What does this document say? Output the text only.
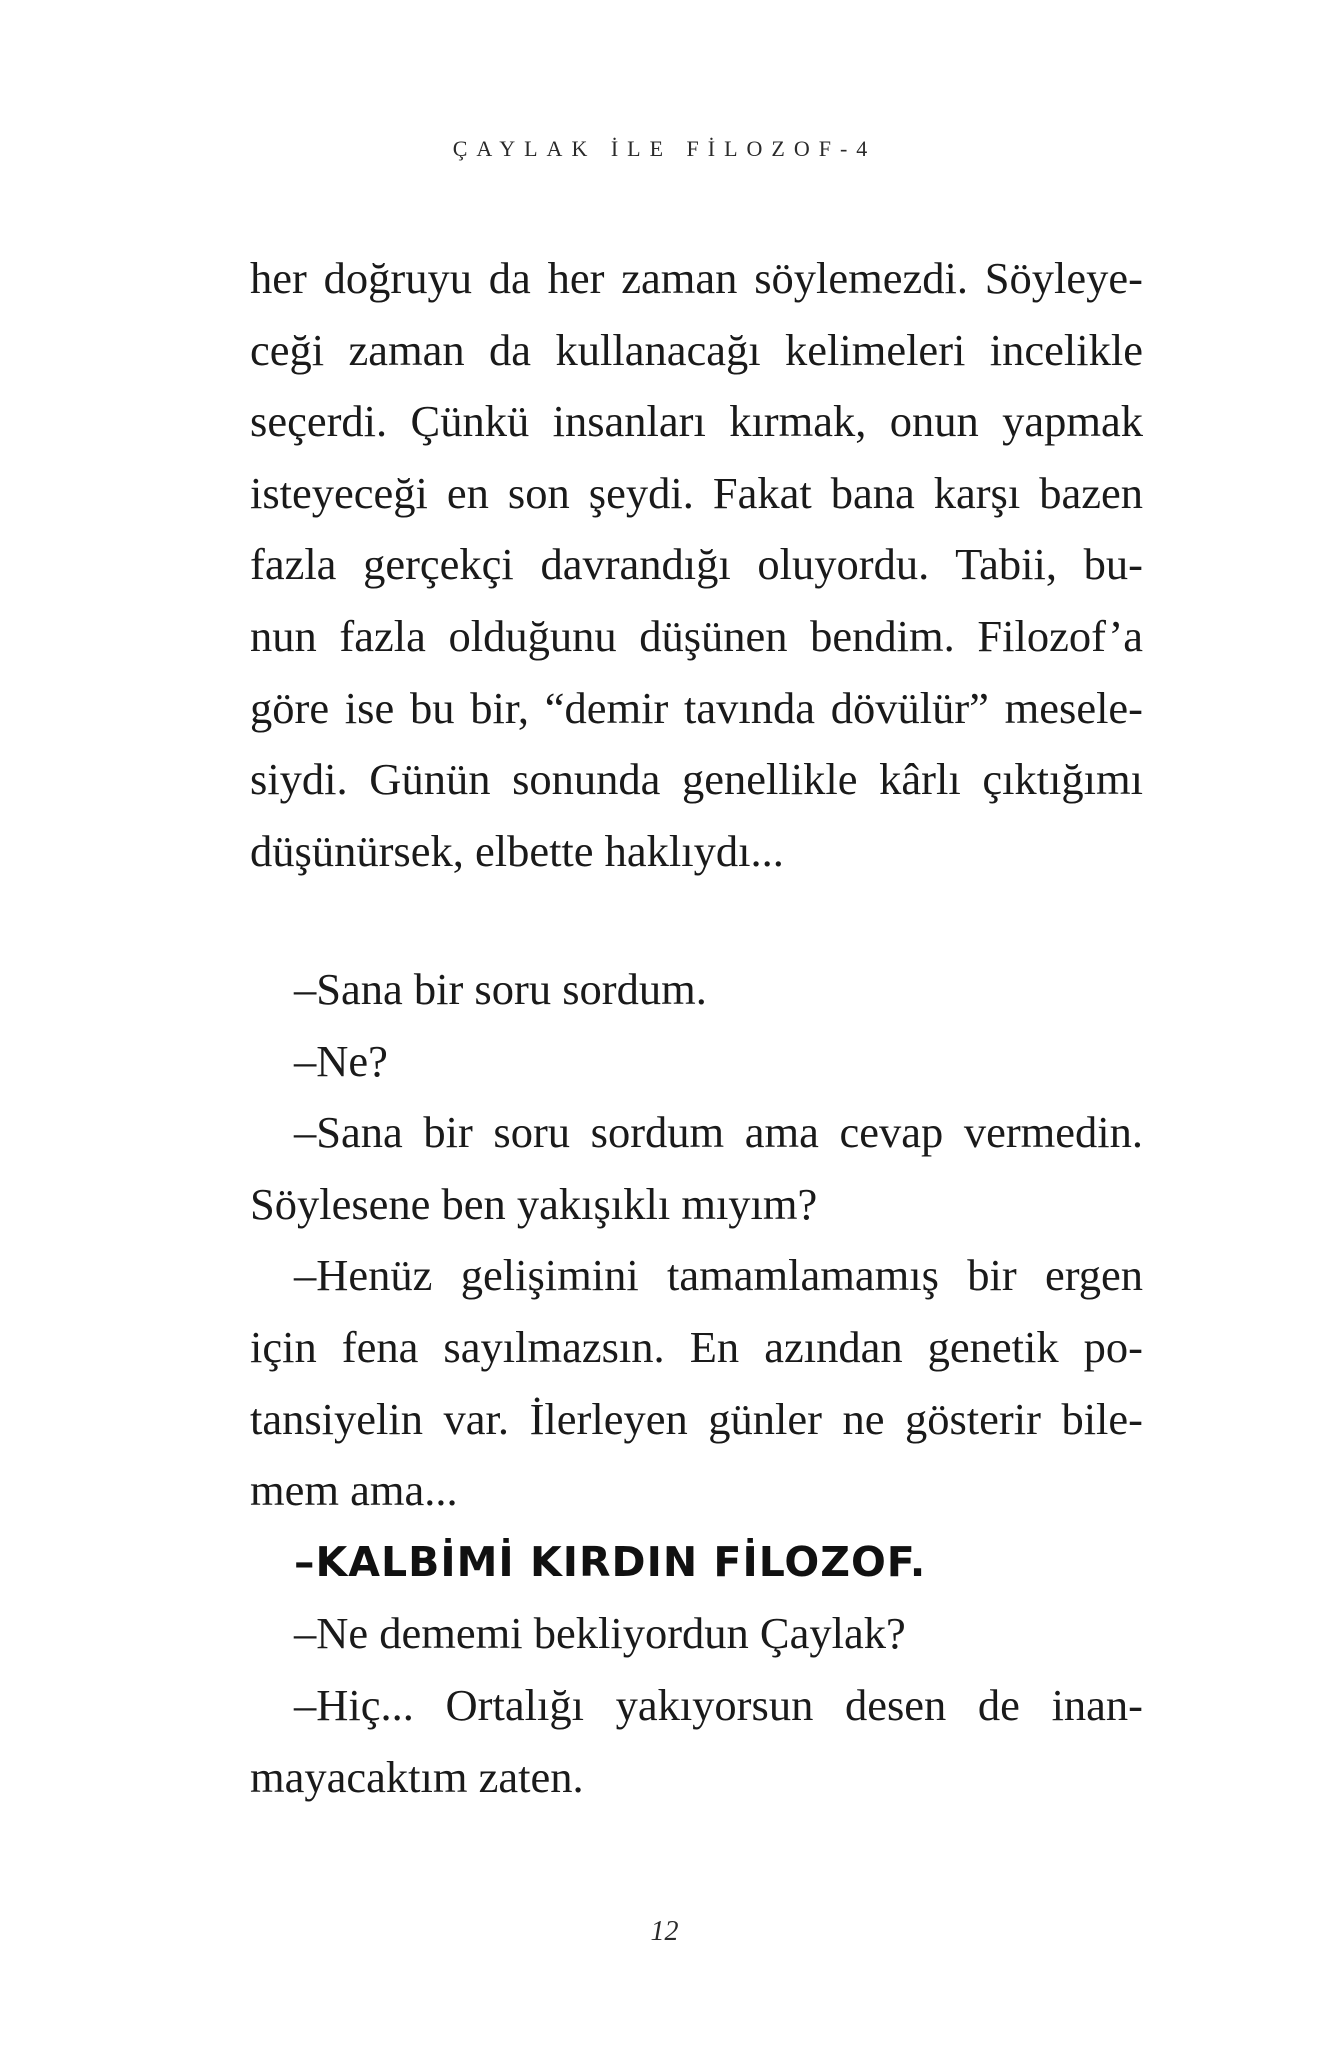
ÇAYLAK İLE FİLOZOF-4
her doğruyu da her zaman söylemezdi. Söyleye-
ceği zaman da kullanacağı kelimeleri incelikle
seçerdi. Çünkü insanları kırmak, onun yapmak
isteyeceği en son şeydi. Fakat bana karşı bazen
fazla gerçekçi davrandığı oluyordu. Tabii, bu-
nun fazla olduğunu düşünen bendim. Filozof’a
göre ise bu bir, “demir tavında dövülür” mesele-
siydi. Günün sonunda genellikle kârlı çıktığımı
düşünürsek, elbette haklıydı...
–Sana bir soru sordum.
–Ne?
–Sana bir soru sordum ama cevap vermedin.
Söylesene ben yakışıklı mıyım?
–Henüz gelişimini tamamlamamış bir ergen
için fena sayılmazsın. En azından genetik po-
tansiyelin var. İlerleyen günler ne gösterir bile-
mem ama...
–KALBİMİ KIRDIN FİLOZOF.
–Ne dememi bekliyordun Çaylak?
–Hiç... Ortalığı yakıyorsun desen de inan-
mayacaktım zaten.
12
